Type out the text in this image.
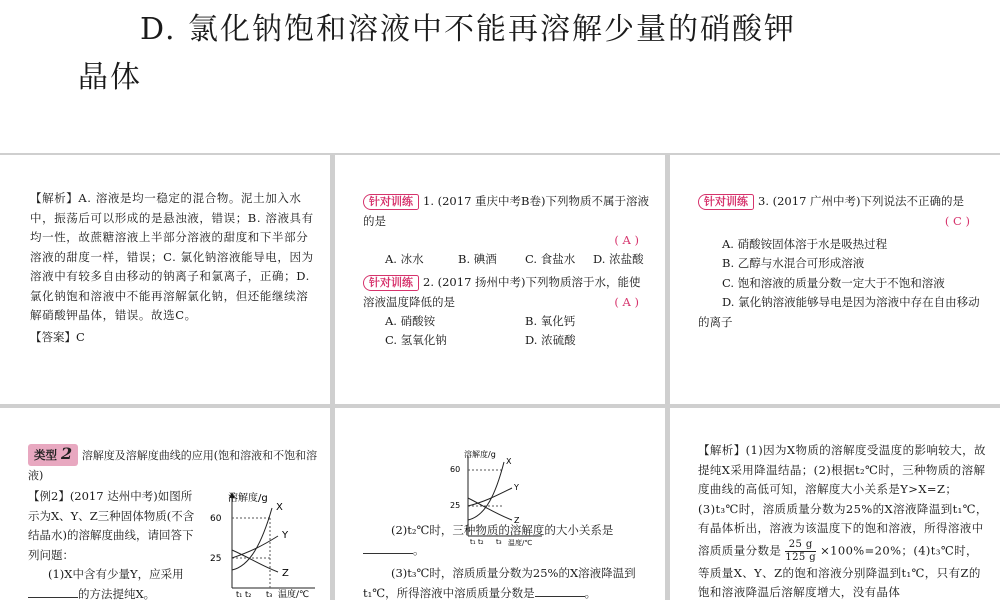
D. 氯化钠饱和溶液中不能再溶解少量的硝酸钾
晶体

【解析】A. 溶液是均一稳定的混合物。泥土加入水中，振荡后可以形成的是悬浊液，错误；B. 溶液具有均一性，故蔗糖溶液上半部分溶液的甜度和下半部分溶液的甜度一样，错误；C. 氯化钠溶液能导电，因为溶液中有较多自由移动的钠离子和氯离子，正确；D. 氯化钠饱和溶液中不能再溶解氯化钠，但还能继续溶解硝酸钾晶体，错误。故选C。

【答案】C
针对训练 1. (2017 重庆中考B卷)下列物质不属于溶液的是
( A )
A. 冰水	B. 碘酒 C. 食盐水 D. 浓盐酸
针对训练 2. (2017 扬州中考)下列物质溶于水，能使溶液温度降低的是	( A )
A. 硝酸铵	B. 氧化钙
C. 氢氧化钠	D. 浓硫酸
针对训练 3. (2017 广州中考)下列说法不正确的是
( C )
A. 硝酸铵固体溶于水是吸热过程
B. 乙醇与水混合可形成溶液
C. 饱和溶液的质量分数一定大于不饱和溶液
D. 氯化钠溶液能够导电是因为溶液中存在自由移动的离子
类型 2 溶解度及溶解度曲线的应用(饱和溶液和不饱和溶液)
【例2】(2017 达州中考)如图所示为X、Y、Z三种固体物质(不含结晶水)的溶解度曲线，请回答下列问题：
(1)X中含有少量Y，应采用
的方法提纯X。
溶解度/g
60
25
X
Y
Z
t₁ t₂ t₃ 温度/℃
溶解度/g
60
25
X
Y
Z
t₁ t₂ t₃ 温度/℃
(2)t₂℃时，三种物质的溶解度的大小关系是
。
(3)t₃℃时，溶质质量分数为25%的X溶液降温到t₁℃，所得溶液中溶质质量分数是	。
【解析】(1)因为X物质的溶解度受温度的影响较大，故提纯X采用降温结晶；(2)根据t₂℃时，三种物质的溶解度曲线的高低可知，溶解度大小关系是Y>X=Z；(3)t₃℃时，溶质质量分数为25%的X溶液降温到t₁℃，有晶体析出，溶液为该温度下的饱和溶液，所得溶液中溶质质量分数是 $\frac{25 g}{125 g} \times 100\%=20\%$；(4)t₃℃时，等质量X、Y、Z的饱和溶液分别降温到t₁℃，只有Z的饱和溶液降温后溶解度增大，没有晶体
